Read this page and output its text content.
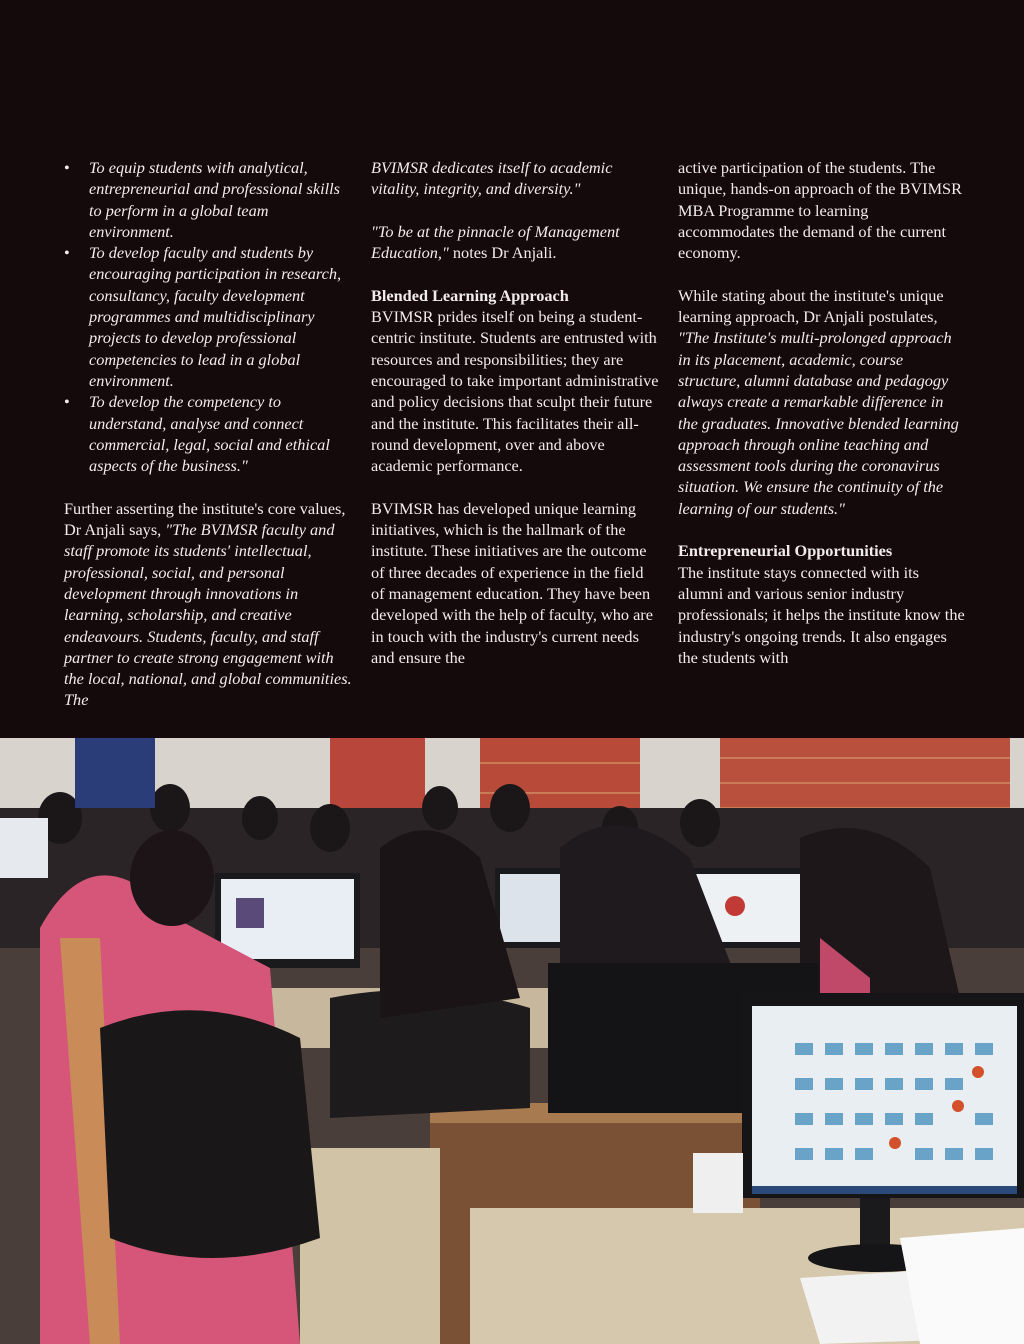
• To equip students with analytical, entrepreneurial and professional skills to perform in a global team environment.
• To develop faculty and students by encouraging participation in research, consultancy, faculty development programmes and multidisciplinary projects to develop professional competencies to lead in a global environment.
• To develop the competency to understand, analyse and connect commercial, legal, social and ethical aspects of the business."

Further asserting the institute's core values, Dr Anjali says, "The BVIMSR faculty and staff promote its students' intellectual, professional, social, and personal development through innovations in learning, scholarship, and creative endeavours. Students, faculty, and staff partner to create strong engagement with the local, national, and global communities. The

BVIMSR dedicates itself to academic vitality, integrity, and diversity."

"To be at the pinnacle of Management Education," notes Dr Anjali.

Blended Learning Approach

BVIMSR prides itself on being a student-centric institute. Students are entrusted with resources and responsibilities; they are encouraged to take important administrative and policy decisions that sculpt their future and the institute. This facilitates their all-round development, over and above academic performance.

BVIMSR has developed unique learning initiatives, which is the hallmark of the institute. These initiatives are the outcome of three decades of experience in the field of management education. They have been developed with the help of faculty, who are in touch with the industry's current needs and ensure the

active participation of the students. The unique, hands-on approach of the BVIMSR MBA Programme to learning accommodates the demand of the current economy.

While stating about the institute's unique learning approach, Dr Anjali postulates, "The Institute's multi-prolonged approach in its placement, academic, course structure, alumni database and pedagogy always create a remarkable difference in the graduates. Innovative blended learning approach through online teaching and assessment tools during the coronavirus situation. We ensure the continuity of the learning of our students."

Entrepreneurial Opportunities

The institute stays connected with its alumni and various senior industry professionals; it helps the institute know the industry's ongoing trends. It also engages the students with
